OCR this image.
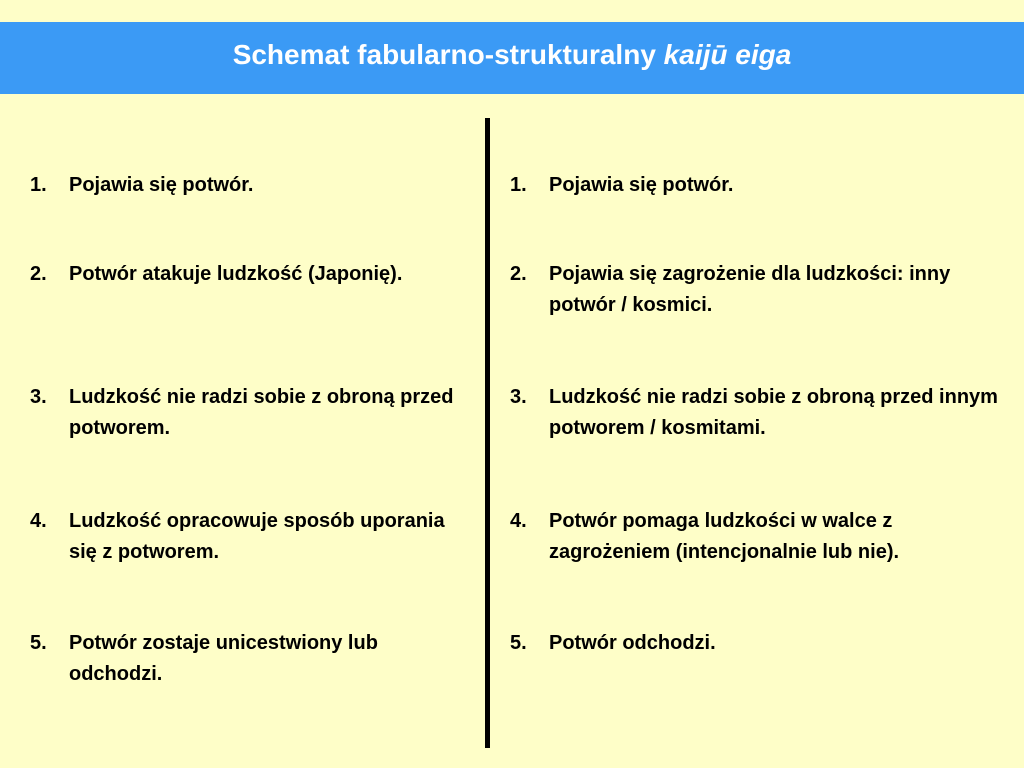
Schemat fabularno-strukturalny kaijū eiga
1.	Pojawia się potwór.
2.	Potwór atakuje ludzkość (Japonię).
3.	Ludzkość nie radzi sobie z obroną przed potworem.
4.	Ludzkość opracowuje sposób uporania się z potworem.
5.	Potwór zostaje unicestwiony lub odchodzi.
1.	Pojawia się potwór.
2.	Pojawia się zagrożenie dla ludzkości: inny potwór / kosmici.
3.	Ludzkość nie radzi sobie z obroną przed innym potworem / kosmitami.
4.	Potwór pomaga ludzkości w walce z zagrożeniem (intencjonalnie lub nie).
5.	Potwór odchodzi.
